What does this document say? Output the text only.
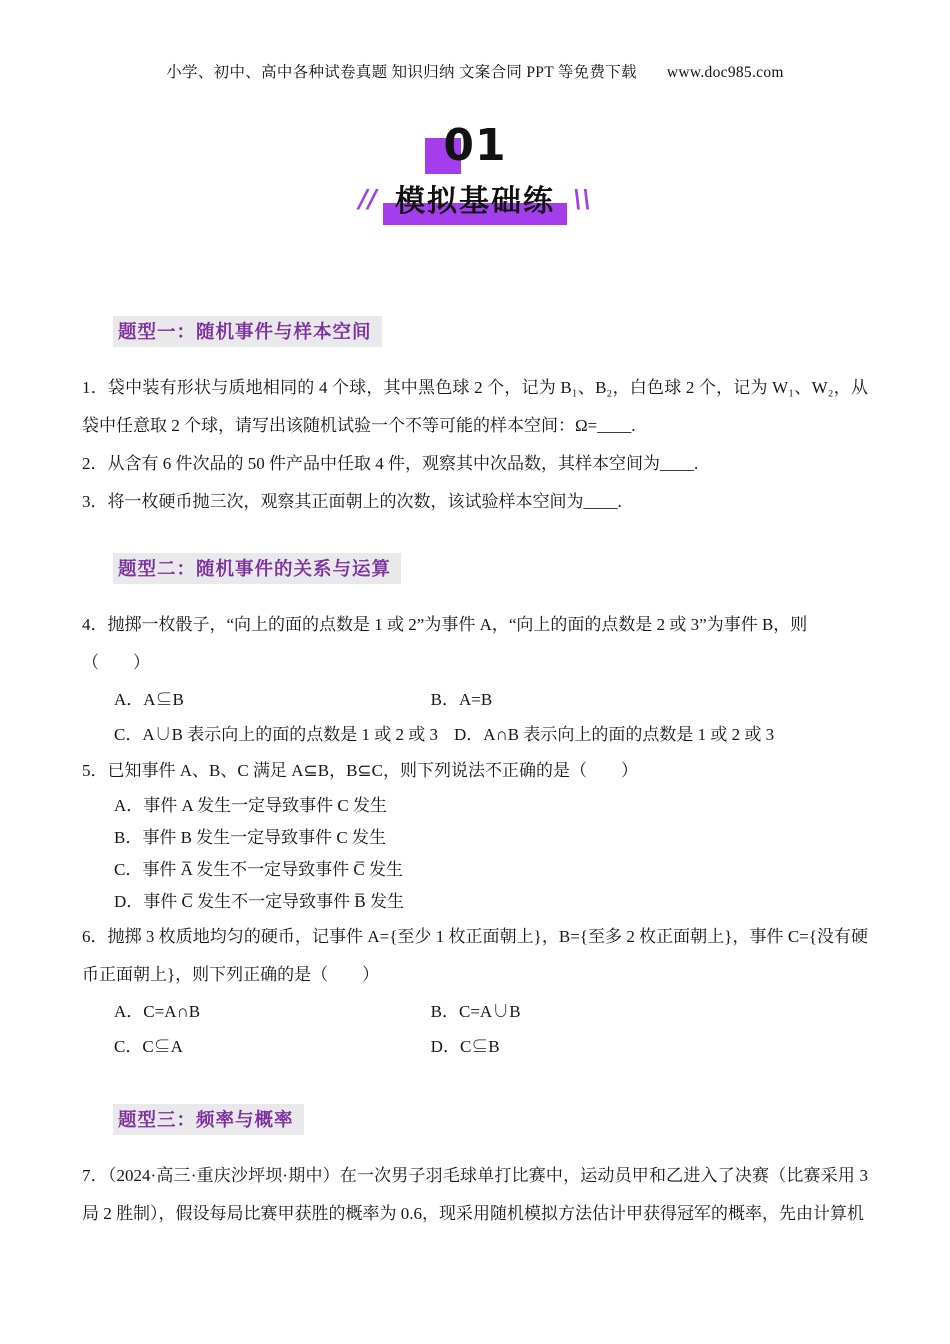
小学、初中、高中各种试卷真题 知识归纳 文案合同 PPT 等免费下载 www.doc985.com
01
// 模拟基础练 \\
题型一：随机事件与样本空间

1．袋中装有形状与质地相同的 4 个球，其中黑色球 2 个，记为 B₁、B₂，白色球 2 个，记为 W₁、W₂，从袋中任意取 2 个球，请写出该随机试验一个不等可能的样本空间：Ω=____.

2．从含有 6 件次品的 50 件产品中任取 4 件，观察其中次品数，其样本空间为____.

3．将一枚硬币抛三次，观察其正面朝上的次数，该试验样本空间为____.

题型二：随机事件的关系与运算

4．抛掷一枚骰子，“向上的面的点数是 1 或 2”为事件 A，“向上的面的点数是 2 或 3”为事件 B，则

（　　）

A．A⊆B	B．A=B
C．A∪B 表示向上的面的点数是 1 或 2 或 3 D．A∩B 表示向上的面的点数是 1 或 2 或 3

5．已知事件 A、B、C 满足 A⊆B，B⊆C，则下列说法不正确的是（　　）

A．事件 A 发生一定导致事件 C 发生

B．事件 B 发生一定导致事件 C 发生

C．事件 A̅ 发生不一定导致事件 C̅ 发生

D．事件 C̅ 发生不一定导致事件 B̅ 发生

6．抛掷 3 枚质地均匀的硬币，记事件 A={至少 1 枚正面朝上}，B={至多 2 枚正面朝上}，事件 C={没有硬币正面朝上}，则下列正确的是（　　）

A．C=A∩B	B．C=A∪B
C．C⊆A	D．C⊆B
题型三：频率与概率

7．（2024·高三·重庆沙坪坝·期中）在一次男子羽毛球单打比赛中，运动员甲和乙进入了决赛（比赛采用 3 局 2 胜制），假设每局比赛甲获胜的概率为 0.6，现采用随机模拟方法估计甲获得冠军的概率，先由计算机
